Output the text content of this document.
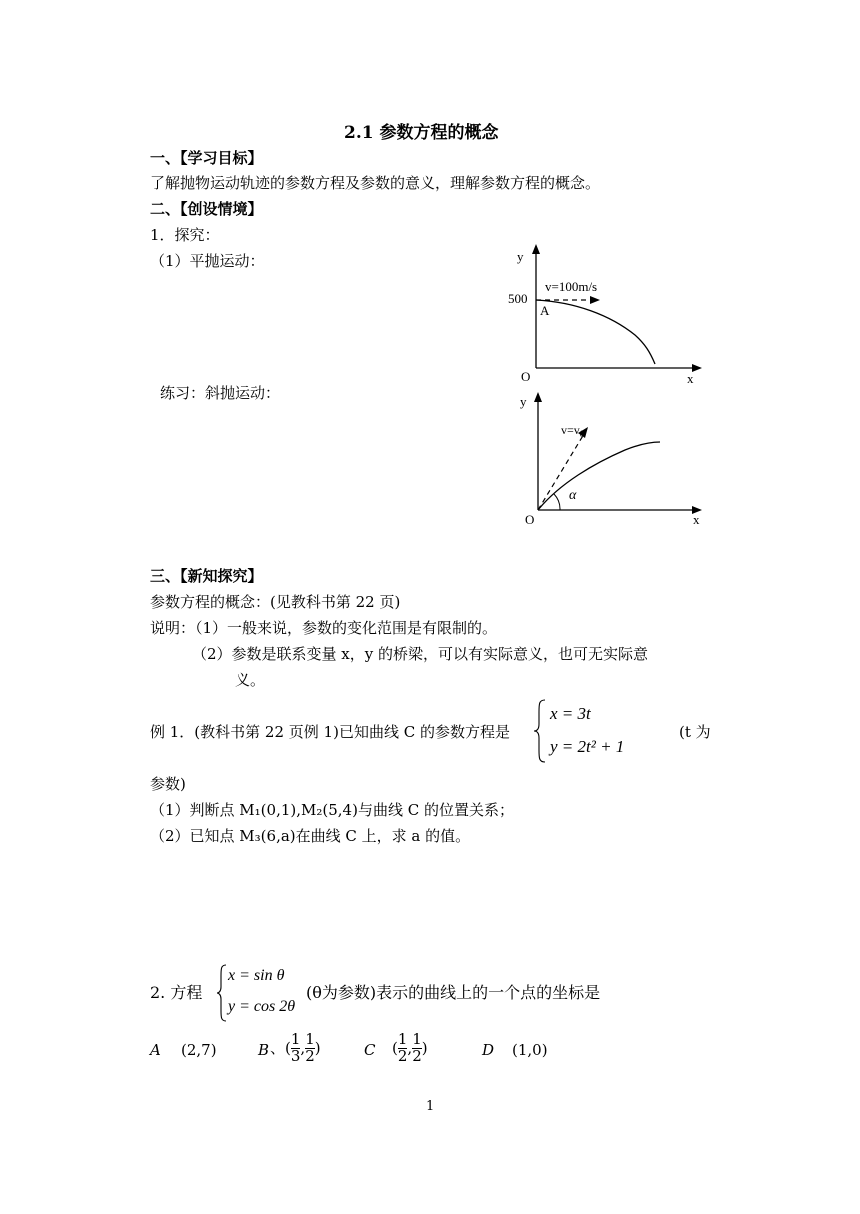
2.1 参数方程的概念
一、【学习目标】
了解抛物运动轨迹的参数方程及参数的意义，理解参数方程的概念。
二、【创设情境】
1．探究：
（1）平抛运动：
练习：斜抛运动：
y
x
O
500
A
v=100m/s
y
x
O
$v=v_0$
α
三、【新知探究】
参数方程的概念：(见教科书第 22 页)
说明：（1）一般来说，参数的变化范围是有限制的。
（2）参数是联系变量 x，y 的桥梁，可以有实际意义，也可无实际意
义。
例 1．(教科书第 22 页例 1)已知曲线 C 的参数方程是
x = 3t
y = 2t² + 1
(t 为
参数)
（1）判断点 M₁(0,1),M₂(5,4)与曲线 C 的位置关系；
（2）已知点 M₃(6,a)在曲线 C 上，求 a 的值。
2. 方程
x = sin θ
y = cos 2θ
(θ为参数)表示的曲线上的一个点的坐标是
A (2,7)	B 、( $\frac{1}{3}$ , $\frac{1}{2}$ )	C ( $\frac{1}{2}$ , $\frac{1}{2}$ )	D (1,0)
1
